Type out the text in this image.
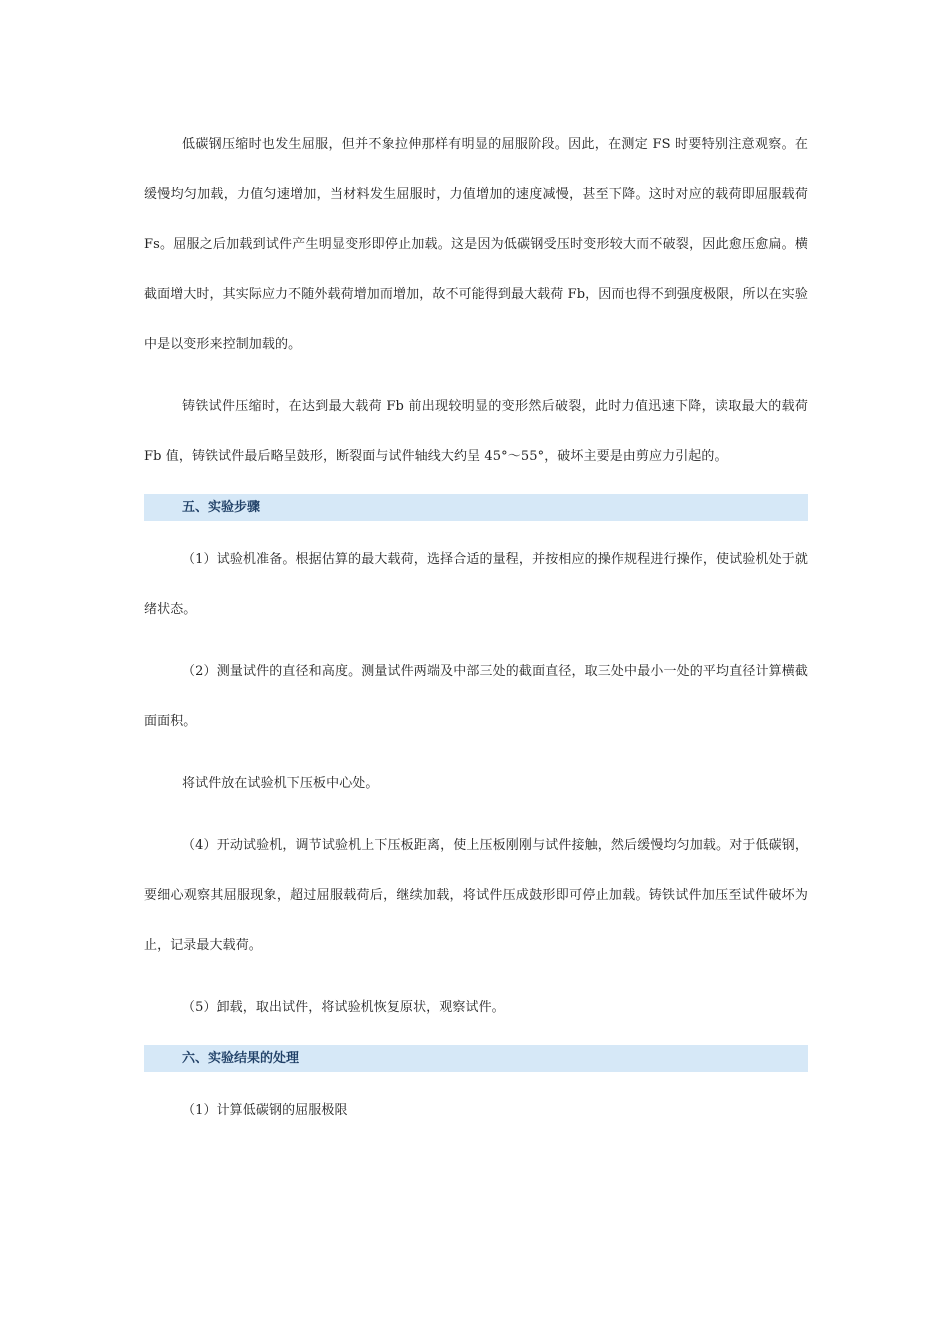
低碳钢压缩时也发生屈服，但并不象拉伸那样有明显的屈服阶段。因此，在测定 FS 时要特别注意观察。在缓慢均匀加载，力值匀速增加，当材料发生屈服时，力值增加的速度减慢，甚至下降。这时对应的载荷即屈服载荷 Fs。屈服之后加载到试件产生明显变形即停止加载。这是因为低碳钢受压时变形较大而不破裂，因此愈压愈扁。横截面增大时，其实际应力不随外载荷增加而增加，故不可能得到最大载荷 Fb，因而也得不到强度极限，所以在实验中是以变形来控制加载的。

铸铁试件压缩时，在达到最大载荷 Fb 前出现较明显的变形然后破裂，此时力值迅速下降，读取最大的载荷 Fb 值，铸铁试件最后略呈鼓形，断裂面与试件轴线大约呈 45°～55°，破坏主要是由剪应力引起的。

五、实验步骤

（1）试验机准备。根据估算的最大载荷，选择合适的量程，并按相应的操作规程进行操作，使试验机处于就绪状态。

（2）测量试件的直径和高度。测量试件两端及中部三处的截面直径，取三处中最小一处的平均直径计算横截面面积。

将试件放在试验机下压板中心处。

（4）开动试验机，调节试验机上下压板距离，使上压板刚刚与试件接触，然后缓慢均匀加载。对于低碳钢，要细心观察其屈服现象，超过屈服载荷后，继续加载，将试件压成鼓形即可停止加载。铸铁试件加压至试件破坏为止，记录最大载荷。

（5）卸载，取出试件，将试验机恢复原状，观察试件。

六、实验结果的处理

（1）计算低碳钢的屈服极限
